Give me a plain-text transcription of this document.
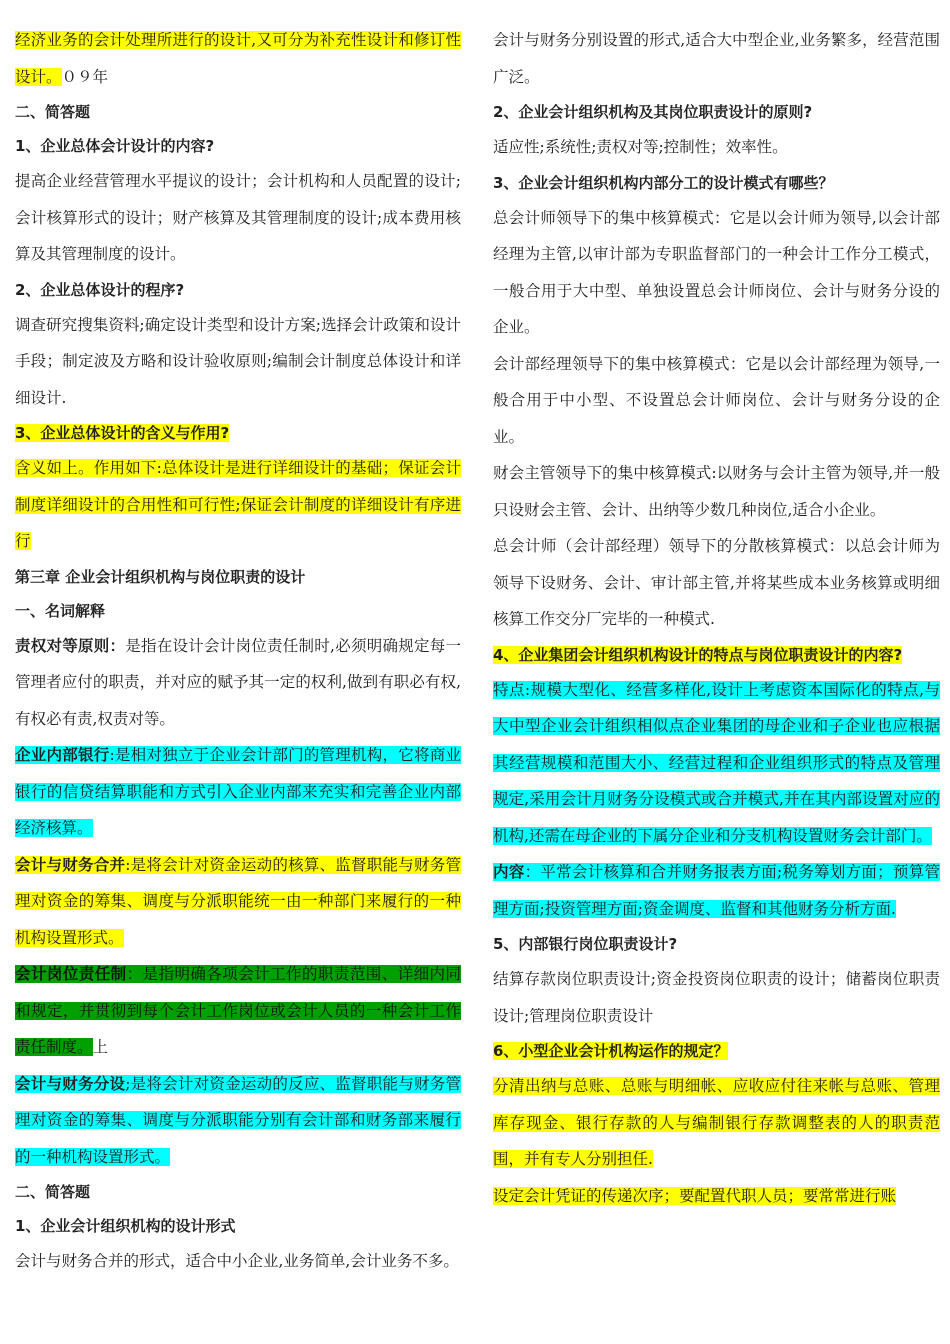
经济业务的会计处理所进行的设计,又可分为补充性设计和修订性设计。０９年

二、简答题

1、企业总体会计设计的内容?

提高企业经营管理水平提议的设计；会计机构和人员配置的设计;会计核算形式的设计；财产核算及其管理制度的设计;成本费用核算及其管理制度的设计。

2、企业总体设计的程序?

调查研究搜集资料;确定设计类型和设计方案;选择会计政策和设计手段；制定波及方略和设计验收原则;编制会计制度总体设计和详细设计.

3、企业总体设计的含义与作用?

含义如上。作用如下:总体设计是进行详细设计的基础；保证会计制度详细设计的合用性和可行性;保证会计制度的详细设计有序进行

第三章 企业会计组织机构与岗位职责的设计

一、名词解释

责权对等原则：是指在设计会计岗位责任制时,必须明确规定每一管理者应付的职责，并对应的赋予其一定的权利,做到有职必有权,有权必有责,权责对等。

企业内部银行:是相对独立于企业会计部门的管理机构，它将商业银行的信贷结算职能和方式引入企业内部来充实和完善企业内部经济核算。

会计与财务合并:是将会计对资金运动的核算、监督职能与财务管理对资金的筹集、调度与分派职能统一由一种部门来履行的一种机构设置形式。

会计岗位责任制：是指明确各项会计工作的职责范围、详细内同和规定，并贯彻到每个会计工作岗位或会计人员的一种会计工作责任制度。上

会计与财务分设;是将会计对资金运动的反应、监督职能与财务管理对资金的筹集、调度与分派职能分别有会计部和财务部来履行的一种机构设置形式。

二、简答题

1、企业会计组织机构的设计形式

会计与财务合并的形式，适合中小企业,业务简单,会计业务不多。

会计与财务分别设置的形式,适合大中型企业,业务繁多，经营范围广泛。

2、企业会计组织机构及其岗位职责设计的原则?

适应性;系统性;责权对等;控制性；效率性。

3、企业会计组织机构内部分工的设计模式有哪些？

总会计师领导下的集中核算模式：它是以会计师为领导,以会计部经理为主管,以审计部为专职监督部门的一种会计工作分工模式，一般合用于大中型、单独设置总会计师岗位、会计与财务分设的企业。

会计部经理领导下的集中核算模式：它是以会计部经理为领导,一般合用于中小型、不设置总会计师岗位、会计与财务分设的企业。

财会主管领导下的集中核算模式:以财务与会计主管为领导,并一般只设财会主管、会计、出纳等少数几种岗位,适合小企业。

总会计师（会计部经理）领导下的分散核算模式：以总会计师为领导下设财务、会计、审计部主管,并将某些成本业务核算或明细核算工作交分厂完毕的一种模式.

4、企业集团会计组织机构设计的特点与岗位职责设计的内容?

特点:规模大型化、经营多样化,设计上考虑资本国际化的特点,与大中型企业会计组织相似点企业集团的母企业和子企业也应根据其经营规模和范围大小、经营过程和企业组织形式的特点及管理规定,采用会计月财务分设模式或合并模式,并在其内部设置对应的机构,还需在母企业的下属分企业和分支机构设置财务会计部门。

内容：平常会计核算和合并财务报表方面;税务筹划方面；预算管理方面;投资管理方面;资金调度、监督和其他财务分析方面.

5、内部银行岗位职责设计?

结算存款岗位职责设计;资金投资岗位职责的设计；储蓄岗位职责设计;管理岗位职责设计

6、小型企业会计机构运作的规定？

分清出纳与总账、总账与明细帐、应收应付往来帐与总账、管理库存现金、银行存款的人与编制银行存款调整表的人的职责范围，并有专人分别担任.

设定会计凭证的传递次序；要配置代职人员；要常常进行账
